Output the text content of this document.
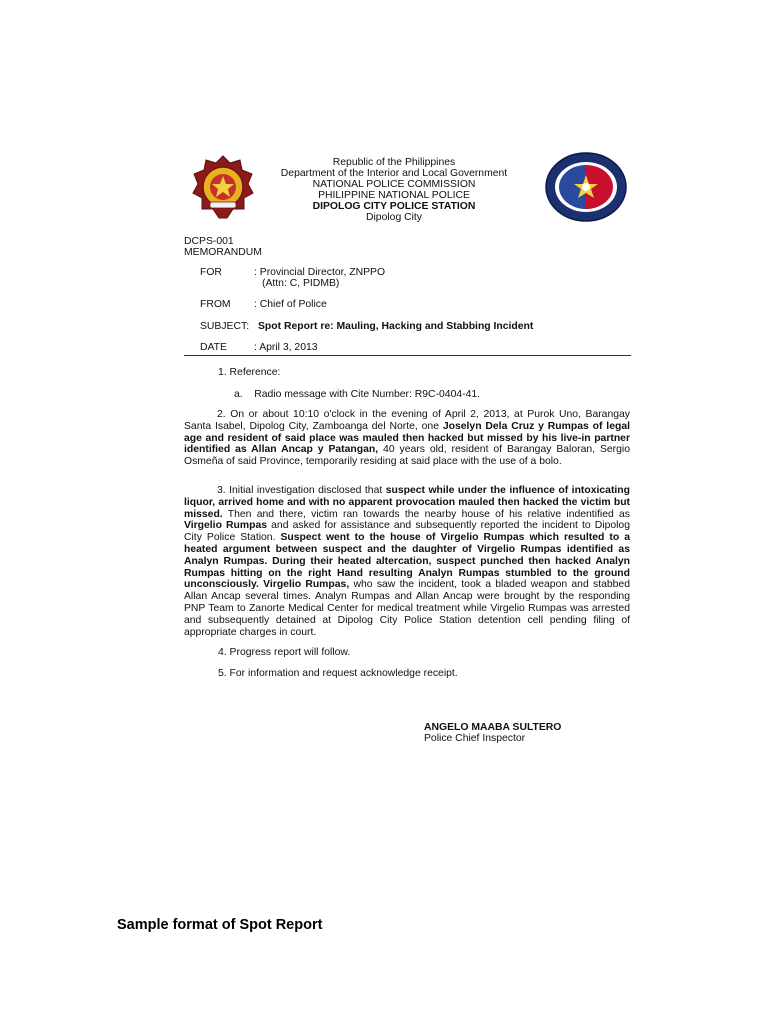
Republic of the Philippines
Department of the Interior and Local Government
NATIONAL POLICE COMMISSION
PHILIPPINE NATIONAL POLICE
DIPOLOG CITY POLICE STATION
Dipolog City
DCPS-001
MEMORANDUM
FOR	: Provincial Director, ZNPPO
(Attn: C, PIDMB)
FROM : Chief of Police
SUBJECT: Spot Report re: Mauling, Hacking and Stabbing Incident
DATE	: April 3, 2013
1. Reference:
a. Radio message with Cite Number: R9C-0404-41.
2. On or about 10:10 o'clock in the evening of April 2, 2013, at Purok Uno, Barangay Santa Isabel, Dipolog City, Zamboanga del Norte, one Joselyn Dela Cruz y Rumpas of legal age and resident of said place was mauled then hacked but missed by his live-in partner identified as Allan Ancap y Patangan, 40 years old, resident of Barangay Baloran, Sergio Osmeña of said Province, temporarily residing at said place with the use of a bolo.
3. Initial investigation disclosed that suspect while under the influence of intoxicating liquor, arrived home and with no apparent provocation mauled then hacked the victim but missed. Then and there, victim ran towards the nearby house of his relative indentified as Virgelio Rumpas and asked for assistance and subsequently reported the incident to Dipolog City Police Station. Suspect went to the house of Virgelio Rumpas which resulted to a heated argument between suspect and the daughter of Virgelio Rumpas identified as Analyn Rumpas. During their heated altercation, suspect punched then hacked Analyn Rumpas hitting on the right Hand resulting Analyn Rumpas stumbled to the ground unconsciously. Virgelio Rumpas, who saw the incident, took a bladed weapon and stabbed Allan Ancap several times. Analyn Rumpas and Allan Ancap were brought by the responding PNP Team to Zanorte Medical Center for medical treatment while Virgelio Rumpas was arrested and subsequently detained at Dipolog City Police Station detention cell pending filing of appropriate charges in court.
4. Progress report will follow.
5. For information and request acknowledge receipt.
ANGELO MAABA SULTERO
Police Chief Inspector
Sample format of Spot Report
